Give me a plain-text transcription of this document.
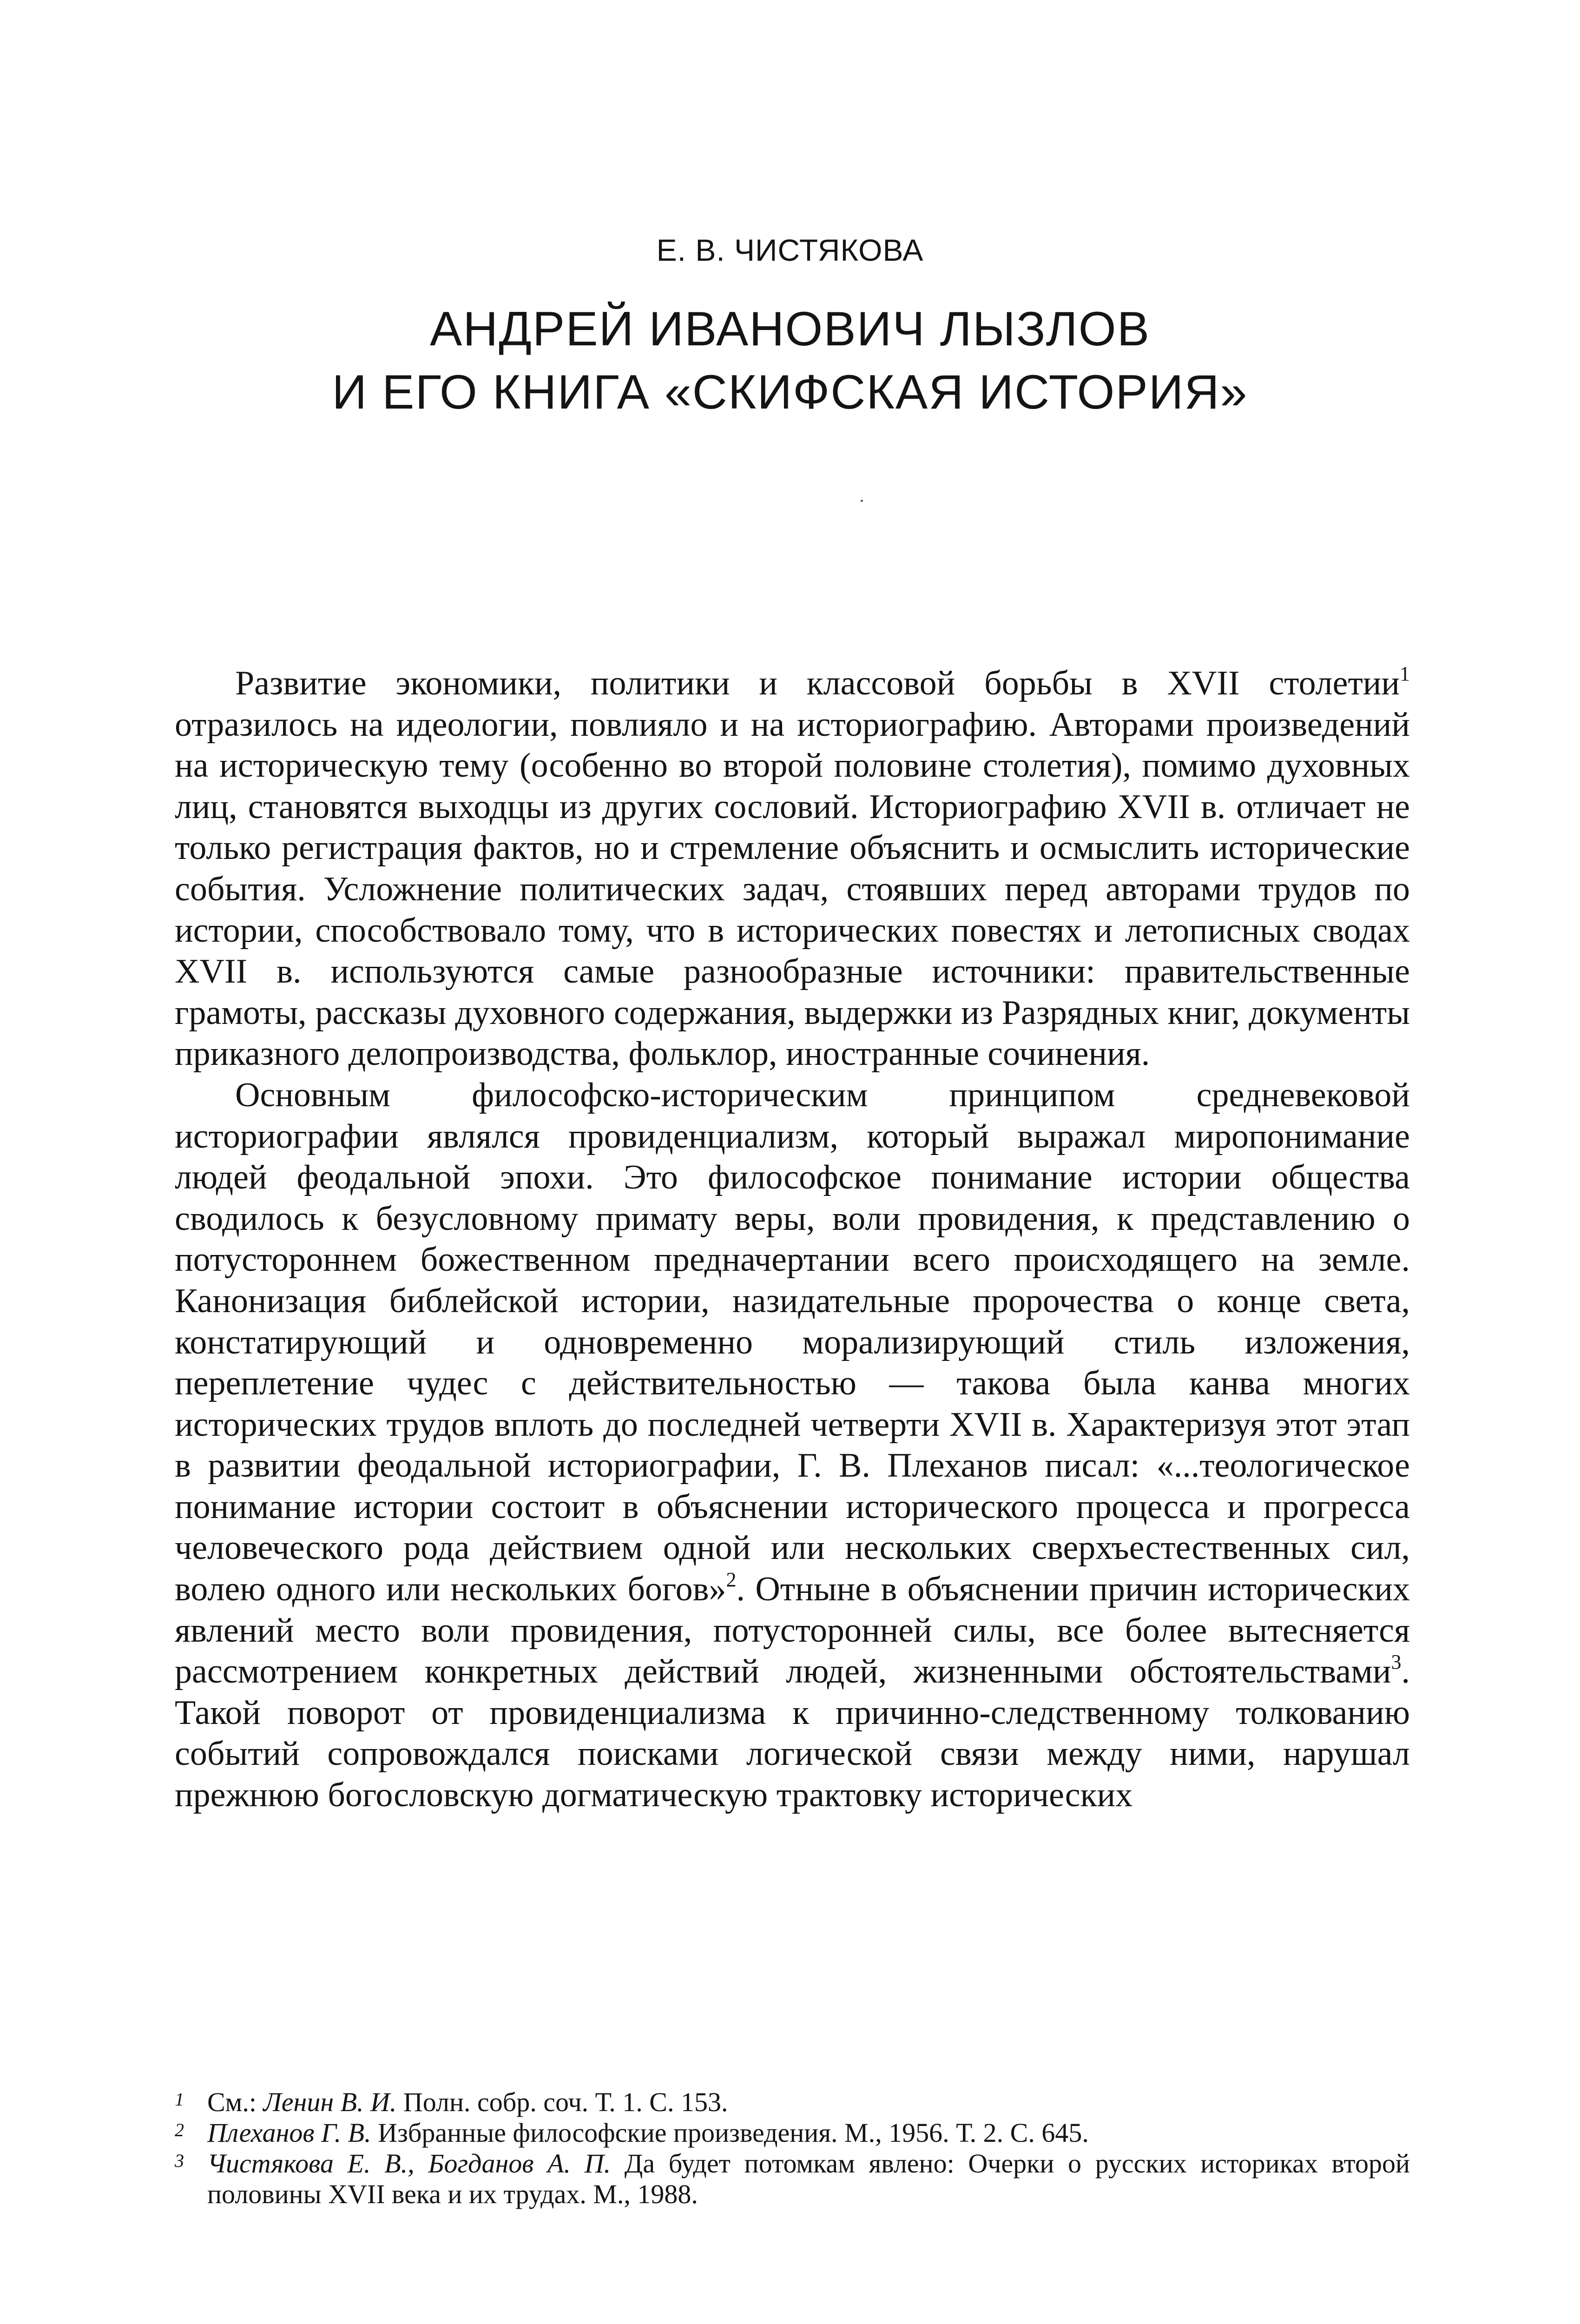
Е. В. ЧИСТЯКОВА
АНДРЕЙ ИВАНОВИЧ ЛЫЗЛОВ
И ЕГО КНИГА «СКИФСКАЯ ИСТОРИЯ»

Развитие экономики, политики и классовой борьбы в XVII столетии$^1$ отразилось на идеологии, повлияло и на историографию. Авторами произведений на историческую тему (особенно во второй половине столетия), помимо духовных лиц, становятся выходцы из других сословий. Историографию XVII в. отличает не только регистрация фактов, но и стремление объяснить и осмыслить исторические события. Усложнение политических задач, стоявших перед авторами трудов по истории, способствовало тому, что в исторических повестях и летописных сводах XVII в. используются самые разнообразные источники: правительственные грамоты, рассказы духовного содержания, выдержки из Разрядных книг, документы приказного делопроизводства, фольклор, иностранные сочинения.

Основным философско-историческим принципом средневековой историографии являлся провиденциализм, который выражал миропонимание людей феодальной эпохи. Это философское понимание истории общества сводилось к безусловному примату веры, воли провидения, к представлению о потустороннем божественном предначертании всего происходящего на земле. Канонизация библейской истории, назидательные пророчества о конце света, констатирующий и одновременно морализирующий стиль изложения, переплетение чудес с действительностью — такова была канва многих исторических трудов вплоть до последней четверти XVII в. Характеризуя этот этап в развитии феодальной историографии, Г. В. Плеханов писал: «...теологическое понимание истории состоит в объяснении исторического процесса и прогресса человеческого рода действием одной или нескольких сверхъестественных сил, волею одного или нескольких богов»$^2$. Отныне в объяснении причин исторических явлений место воли провидения, потусторонней силы, все более вытесняется рассмотрением конкретных действий людей, жизненными обстоятельствами$^3$. Такой поворот от провиденциализма к причинно-следственному толкованию событий сопровождался поисками логической связи между ними, нарушал прежнюю богословскую догматическую трактовку исторических

1 См.: Ленин В. И. Полн. собр. соч. Т. 1. С. 153.
2 Плеханов Г. В. Избранные философские произведения. М., 1956. Т. 2. С. 645.
3 Чистякова Е. В., Богданов А. П. Да будет потомкам явлено: Очерки о русских историках второй половины XVII века и их трудах. М., 1988.
